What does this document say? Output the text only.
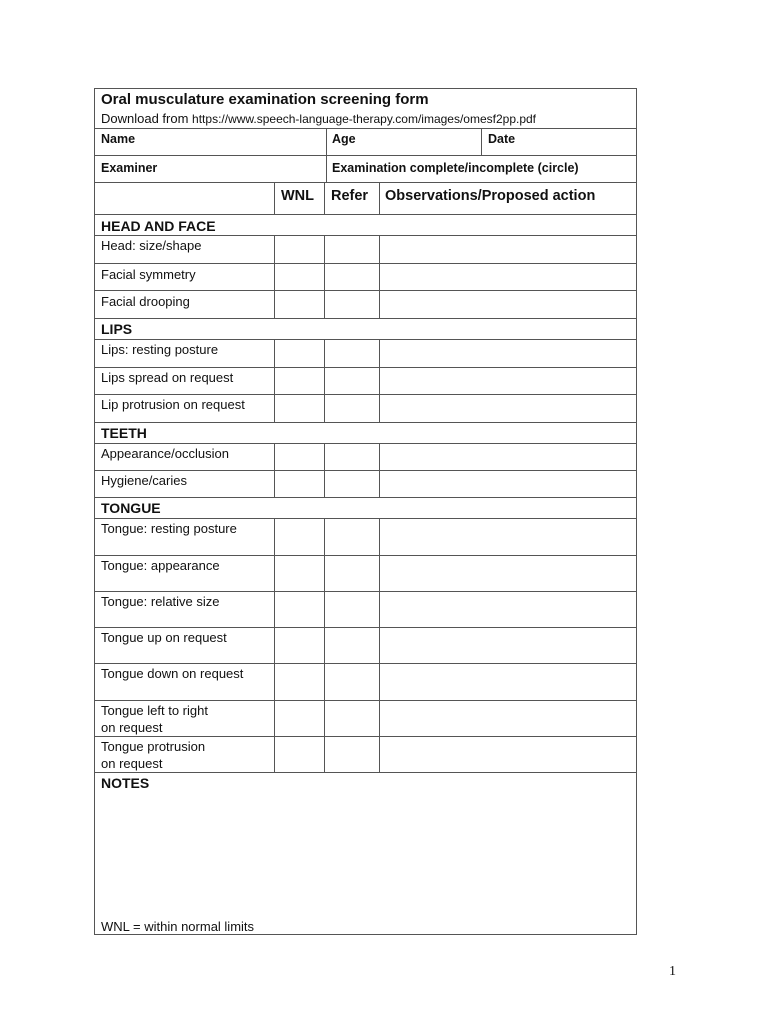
Oral musculature examination screening form
Download from https://www.speech-language-therapy.com/images/omesf2pp.pdf
Name	Age	Date
Examiner	Examination complete/incomplete (circle)
WNL Refer Observations/Proposed action
HEAD AND FACE
Head: size/shape
Facial symmetry
Facial drooping
LIPS
Lips: resting posture
Lips spread on request
Lip protrusion on request
TEETH
Appearance/occlusion
Hygiene/caries
TONGUE
Tongue: resting posture
Tongue: appearance
Tongue: relative size
Tongue up on request
Tongue down on request
Tongue left to right
on request
Tongue protrusion
on request
NOTES
WNL = within normal limits
1
